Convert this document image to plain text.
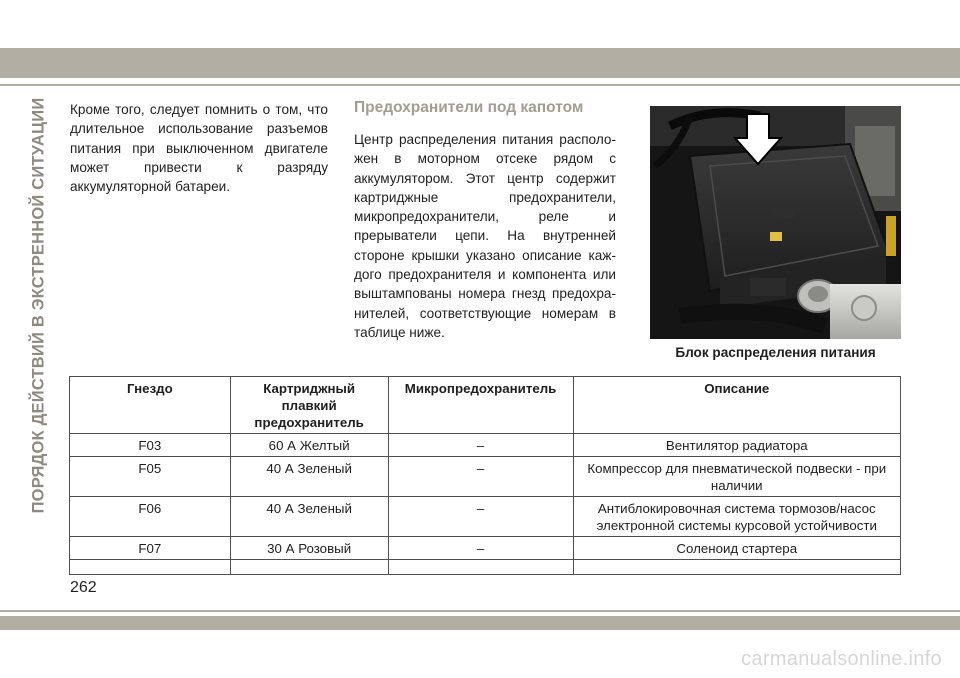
ПОРЯДОК ДЕЙСТВИЙ В ЭКСТРЕННОЙ СИТУАЦИИ Кроме того, следует помнить о том, что длительное использование разъемов питания при выключенном двигателе может привести к разряду аккумуляторной батареи.

Предохранители под капотом

Центр распределения питания расположен в моторном отсеке рядом с аккумулятором. Этот центр содержит картриджные предохранители, микропредохранители, реле и прерыватели цепи. На внутренней стороне крышки указано описание каждого предохранителя и компонента или выштампованы номера гнезд предохранителей, соответствующие номерам в таблице ниже.

Блок распределения питания

Гнездо	Картриджный плавкий предохранитель	Микропредохранитель	Описание
F03	60 А Желтый	–	Вентилятор радиатора
F05	40 А Зеленый	–	Компрессор для пневматической подвески - при наличии
F06	40 А Зеленый	–	Антиблокировочная система тормозов/насос электронной системы курсовой устойчивости
F07	30 А Розовый	–	Соленоид стартера

262

carmanualsonline.info
